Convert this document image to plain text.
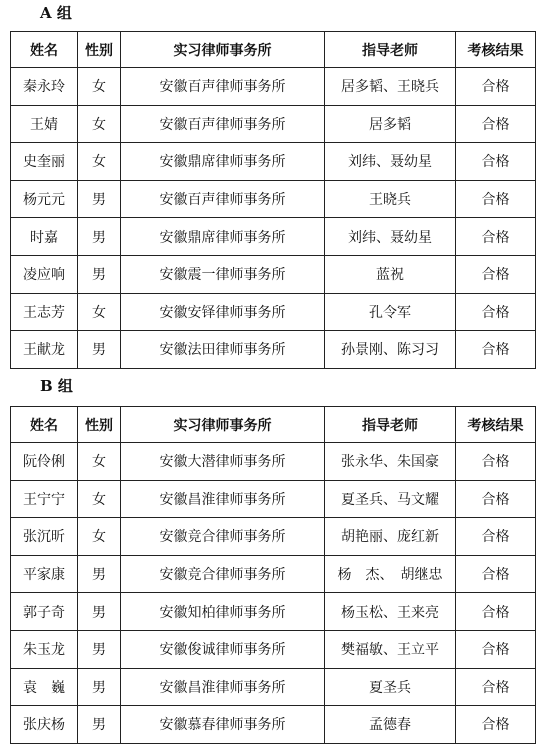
A 组
姓名	性别	实习律师事务所	指导老师	考核结果
秦永玲	女	安徽百声律师事务所	居多韬、王晓兵	合格
王婧	女	安徽百声律师事务所	居多韬	合格
史奎丽	女	安徽鼎席律师事务所	刘纬、聂幼星	合格
杨元元	男	安徽百声律师事务所	王晓兵	合格
时嘉	男	安徽鼎席律师事务所	刘纬、聂幼星	合格
凌应响	男	安徽震一律师事务所	蓝祝	合格
王志芳	女	安徽安铎律师事务所	孔令军	合格
王献龙	男	安徽法田律师事务所	孙景刚、陈习习	合格
B 组
姓名	性别	实习律师事务所	指导老师	考核结果
阮伶俐	女	安徽大潜律师事务所	张永华、朱国豪	合格
王宁宁	女	安徽昌淮律师事务所	夏圣兵、马文耀	合格
张沉昕	女	安徽竞合律师事务所	胡艳丽、庞红新	合格
平家康	男	安徽竞合律师事务所	杨　杰、　胡继忠	合格
郭子奇	男	安徽知柏律师事务所	杨玉松、王来亮	合格
朱玉龙	男	安徽俊诚律师事务所	樊福敏、王立平	合格
袁　巍	男	安徽昌淮律师事务所	夏圣兵	合格
张庆杨	男	安徽慕春律师事务所	孟德春	合格
